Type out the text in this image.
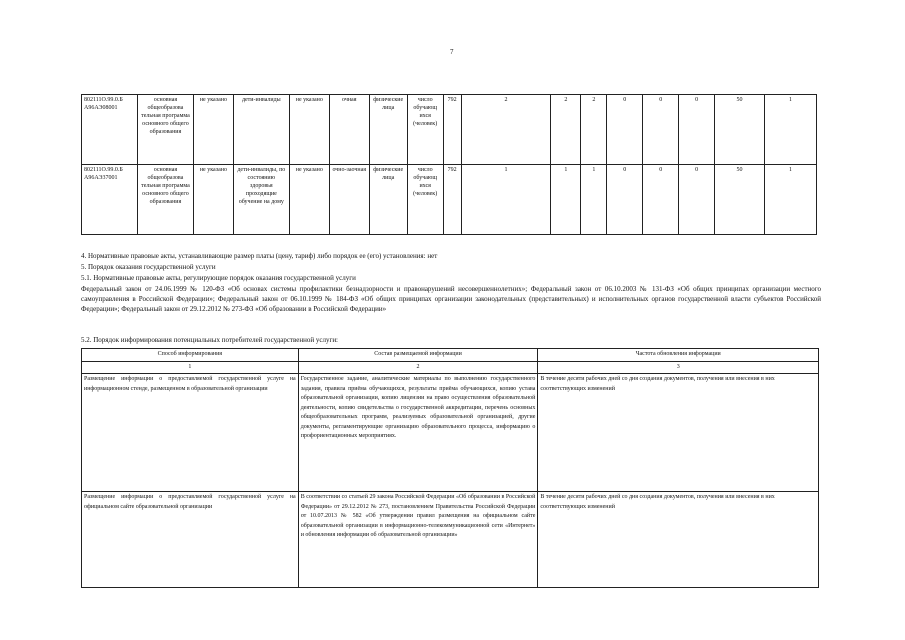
7
802111О.99.0.Б А96АЭ08001	основная общеобразова тельная программа основного общего образования	не указано	дети-инвалиды	не указано	очная	физические лица	число обучающ ихся (человек)	792	2	2	2	0	0	0	50	1
802111О.99.0.Б А96АЭ37001	основная общеобразова тельная программа основного общего образования	не указано	дети-инвалиды, по состоянию здоровья проходящие обучение на дому	не указано	очно-заочная	физические лица	число обучающ ихся (человек)	792	1	1	1	0	0	0	50	1
4. Нормативные правовые акты, устанавливающие размер платы (цену, тариф) либо порядок ее (его) установления: нет
5. Порядок оказания государственной услуги
5.1. Нормативные правовые акты, регулирующие порядок оказания государственной услуги
Федеральный закон от 24.06.1999 № 120-ФЗ «Об основах системы профилактики безнадзорности и правонарушений несовершеннолетних»; Федеральный закон от 06.10.2003 № 131-ФЗ «Об общих принципах организации местного самоуправления в Российской Федерации»; Федеральный закон от 06.10.1999 № 184-ФЗ «Об общих принципах организации законодательных (представительных) и исполнительных органов государственной власти субъектов Российской Федерации»; Федеральный закон от 29.12.2012 № 273-ФЗ «Об образовании в Российской Федерации»
5.2. Порядок информирования потенциальных потребителей государственной услуги:
Способ информирования	Состав размещаемой информации	Частота обновления информации
1	2	3
Размещение информации о предоставляемой государственной услуге на информационном стенде, размещенном в образовательной организации	Государственное задание, аналитические материалы по выполнению государственного задания, правила приёма обучающихся, результаты приёма обучающихся, копию устава образовательной организации, копию лицензии на право осуществления образовательной деятельности, копию свидетельства о государственной аккредитации, перечень основных общеобразовательных программ, реализуемых образовательной организацией, другие документы, регламентирующие организацию образовательного процесса, информацию о профориентационных мероприятиях.	В течение десяти рабочих дней со дня создания документов, получения или внесения в них соответствующих изменений
Размещение информации о предоставляемой государственной услуге на официальном сайте образовательной организации	В соответствии со статьей 29 закона Российской Федерации «Об образовании в Российской Федерации» от 29.12.2012 № 273, постановлением Правительства Российской Федерации от 10.07.2013 № 582 «Об утверждении правил размещения на официальном сайте образовательной организации в информационно-телекоммуникационной сети «Интернет» и обновления информации об образовательной организации»	В течение десяти рабочих дней со дня создания документов, получения или внесения в них соответствующих изменений
